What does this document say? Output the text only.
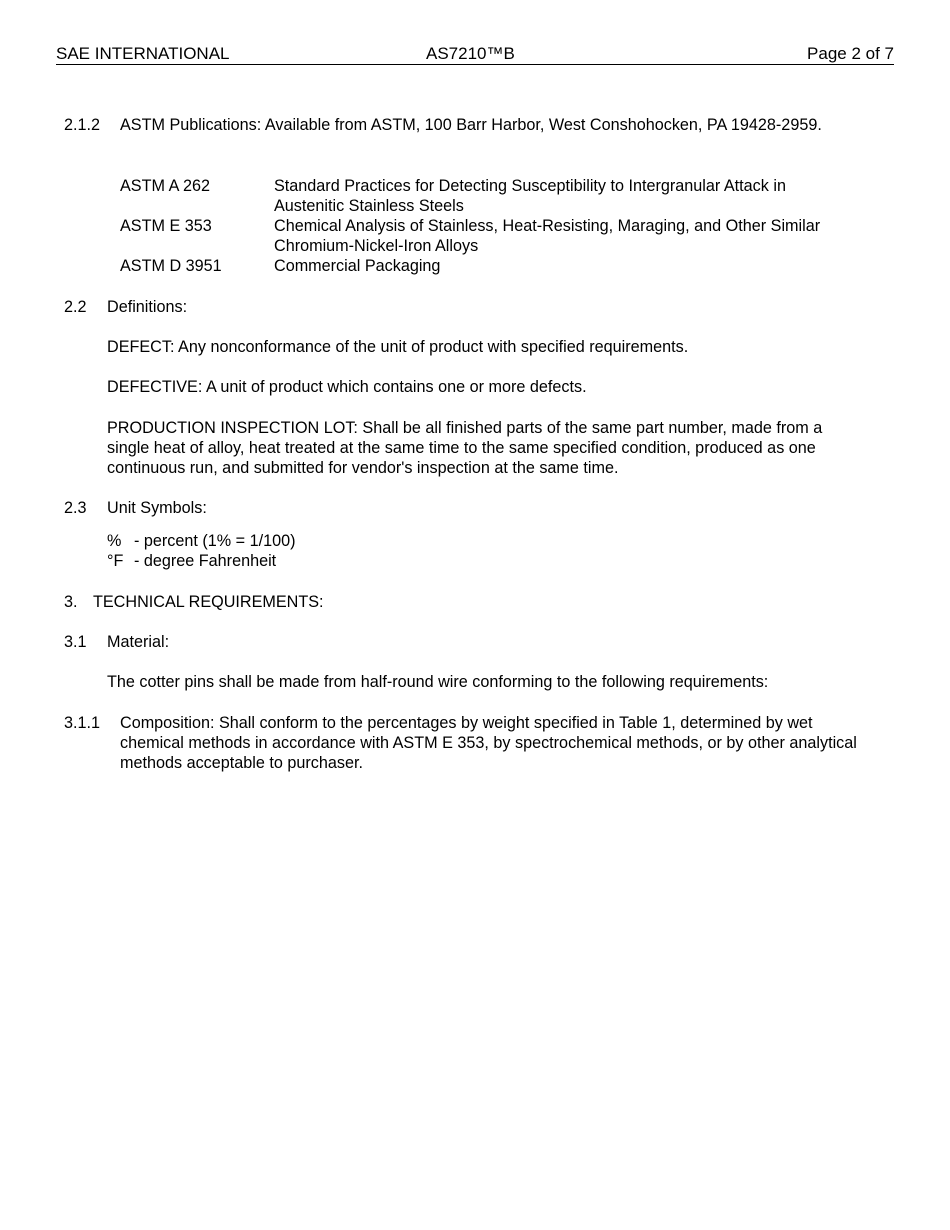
SAE INTERNATIONAL	AS7210™B	Page 2 of 7
2.1.2 ASTM Publications: Available from ASTM, 100 Barr Harbor, West Conshohocken, PA 19428-2959.
ASTM A 262	Standard Practices for Detecting Susceptibility to Intergranular Attack in Austenitic Stainless Steels
ASTM E 353	Chemical Analysis of Stainless, Heat-Resisting, Maraging, and Other Similar Chromium-Nickel-Iron Alloys
ASTM D 3951	Commercial Packaging
2.2 Definitions:
DEFECT: Any nonconformance of the unit of product with specified requirements.
DEFECTIVE: A unit of product which contains one or more defects.
PRODUCTION INSPECTION LOT: Shall be all finished parts of the same part number, made from a single heat of alloy, heat treated at the same time to the same specified condition, produced as one continuous run, and submitted for vendor's inspection at the same time.
2.3 Unit Symbols:
% - percent (1% = 1/100)
°F - degree Fahrenheit
3. TECHNICAL REQUIREMENTS:
3.1 Material:
The cotter pins shall be made from half-round wire conforming to the following requirements:
3.1.1 Composition: Shall conform to the percentages by weight specified in Table 1, determined by wet chemical methods in accordance with ASTM E 353, by spectrochemical methods, or by other analytical methods acceptable to purchaser.
